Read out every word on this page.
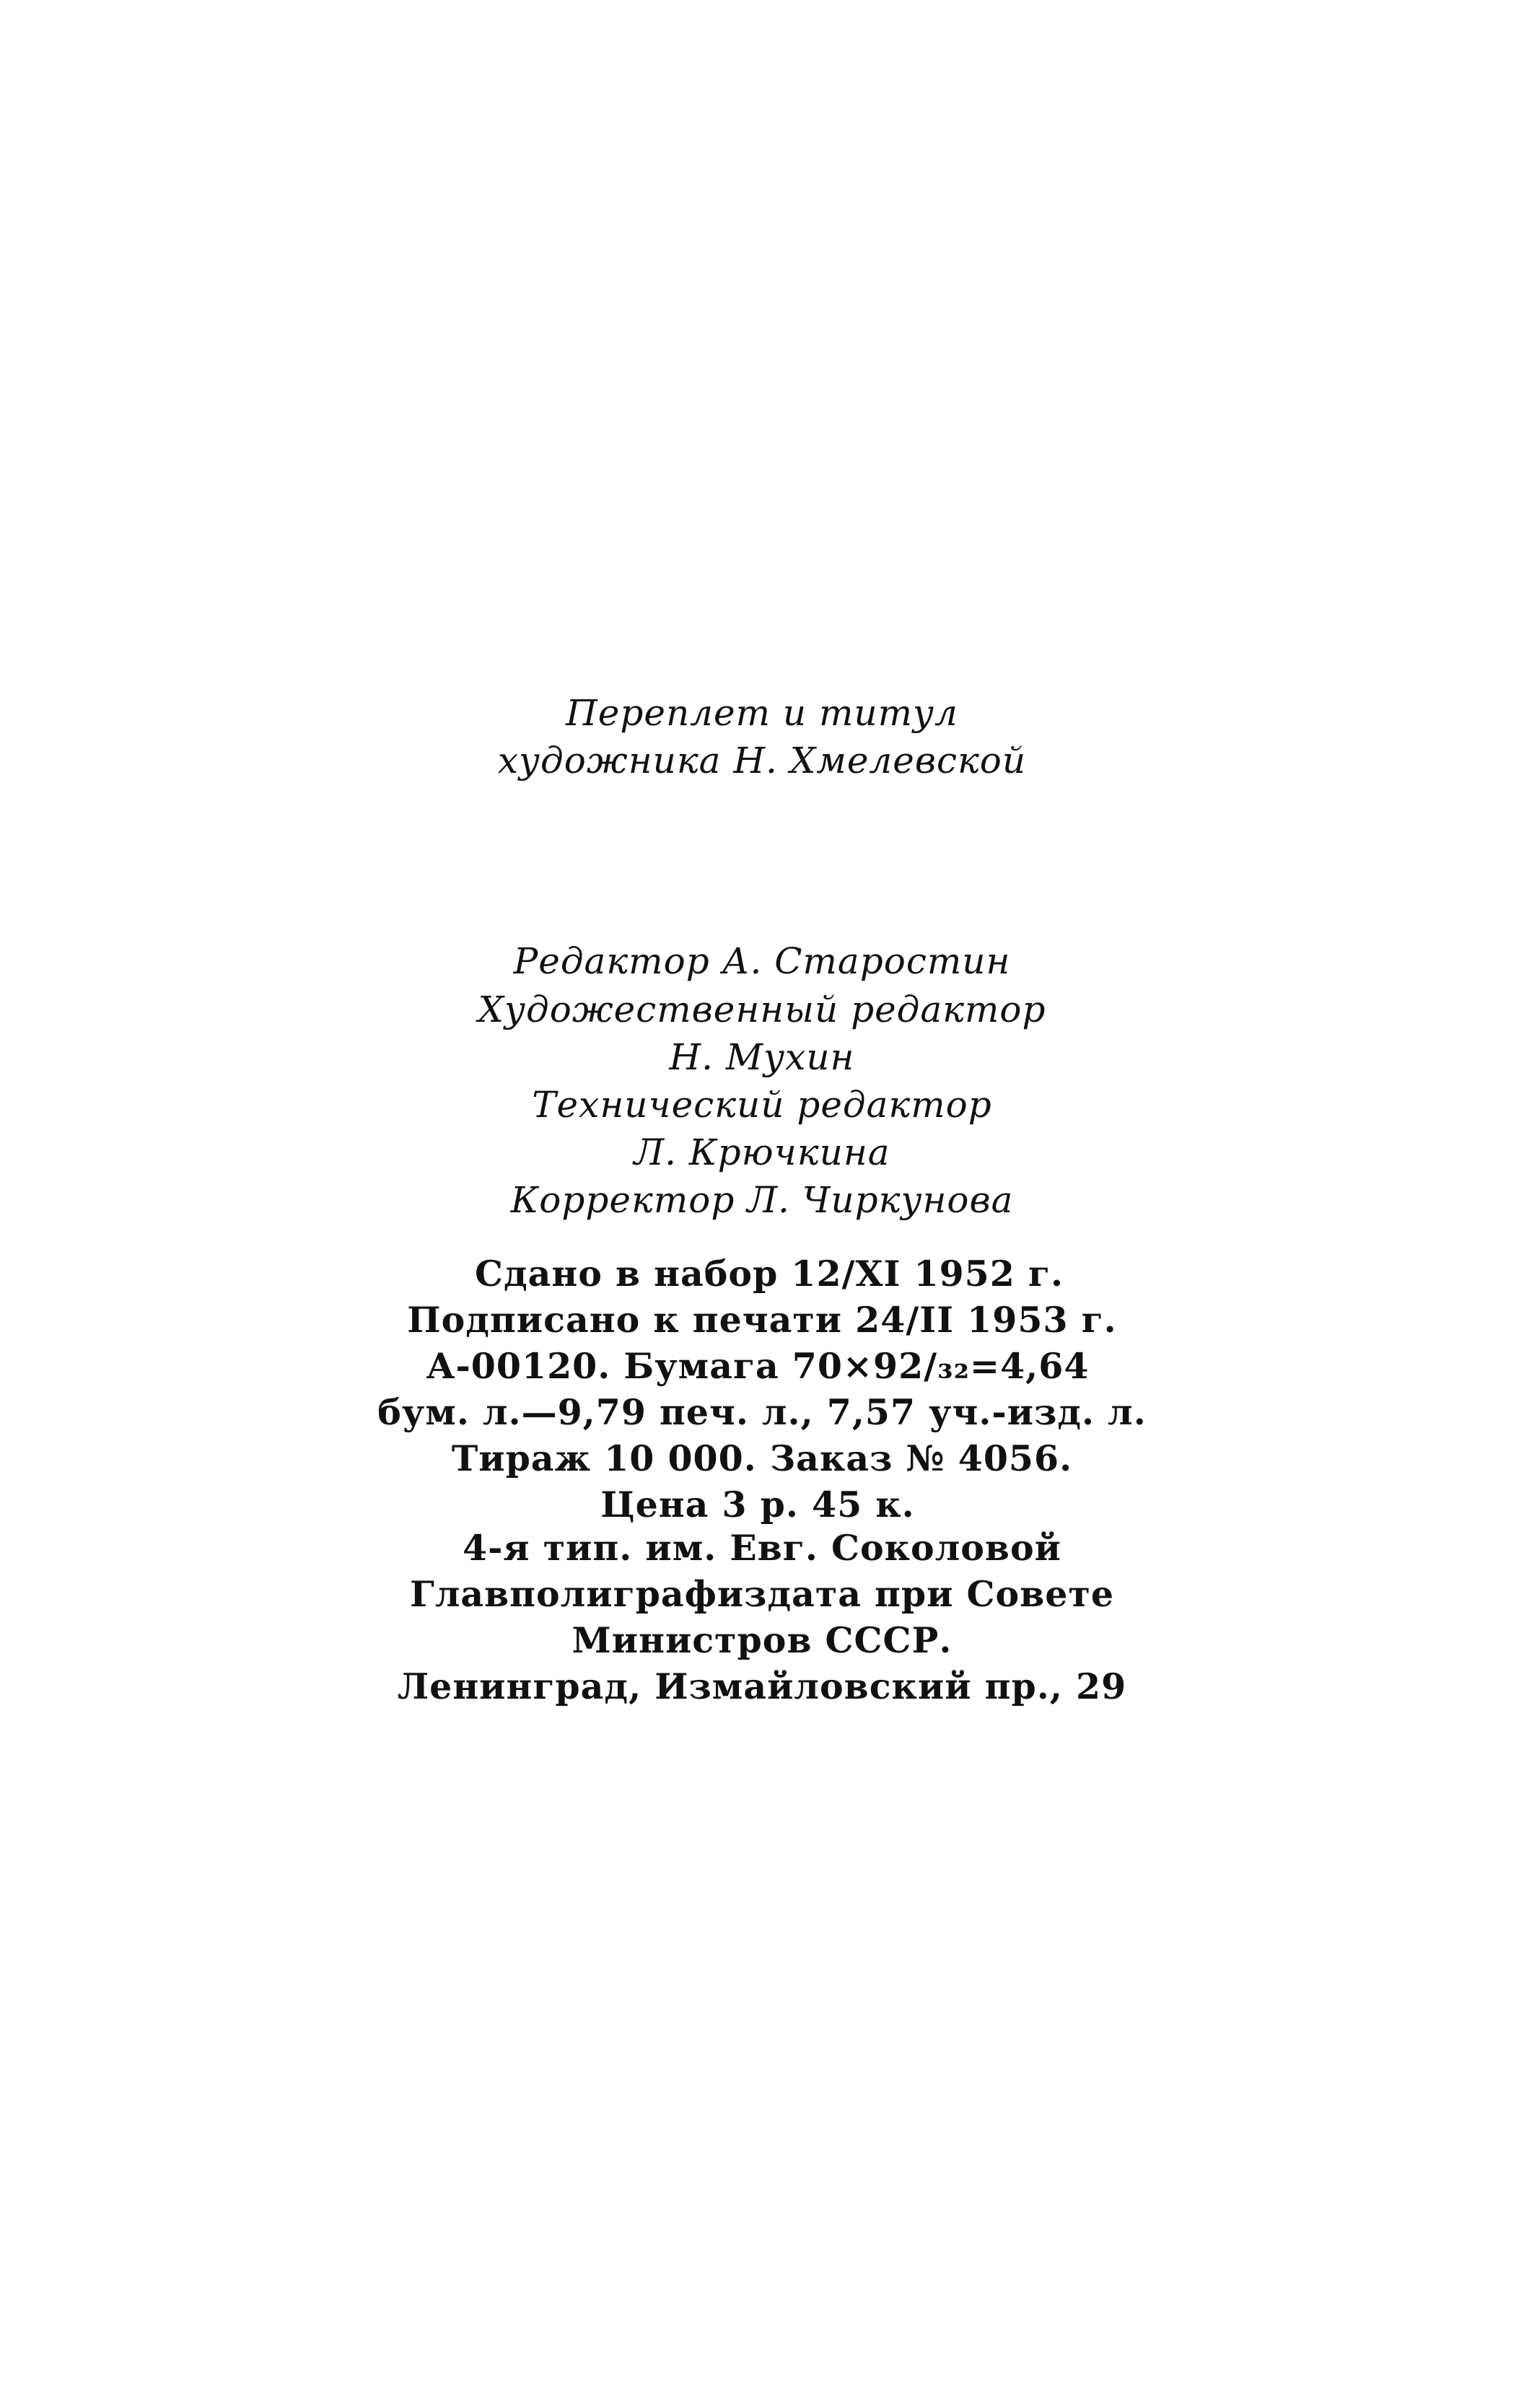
Переплет и титул
художника Н. Хмелевской
Редактор А. Старостин
Художественный редактор
Н. Мухин
Технический редактор
Л. Крючкина
Корректор Л. Чиркунова
Сдано в набор 12/XI 1952 г.
Подписано к печати 24/II 1953 г.
А-00120. Бумага 70×92/₃₂=4,64
бум. л.—9,79 печ. л., 7,57 уч.-изд. л.
Тираж 10 000. Заказ № 4056.
Цена 3 р. 45 к.
4-я тип. им. Евг. Соколовой
Главполиграфиздата при Совете
Министров СССР.
Ленинград, Измайловский пр., 29
